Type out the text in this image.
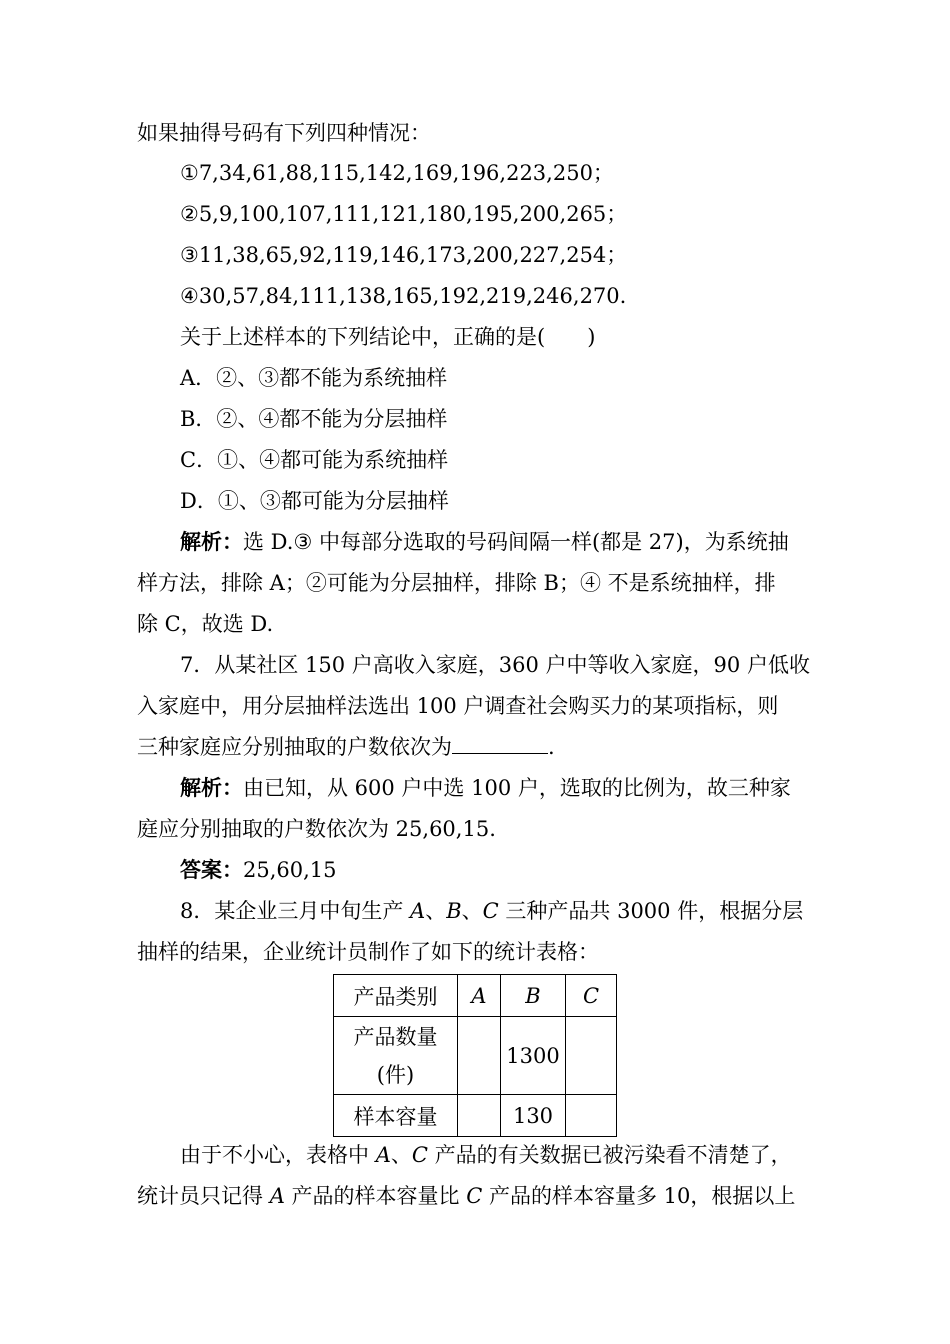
如果抽得号码有下列四种情况：
①7,34,61,88,115,142,169,196,223,250；
②5,9,100,107,111,121,180,195,200,265；
③11,38,65,92,119,146,173,200,227,254；
④30,57,84,111,138,165,192,219,246,270.
关于上述样本的下列结论中，正确的是(　　)
A．②、③都不能为系统抽样
B．②、④都不能为分层抽样
C．①、④都可能为系统抽样
D．①、③都可能为分层抽样
解析：选 D.③ 中每部分选取的号码间隔一样(都是 27)，为系统抽
样方法，排除 A；②可能为分层抽样，排除 B；④ 不是系统抽样，排
除 C，故选 D.
7．从某社区 150 户高收入家庭，360 户中等收入家庭，90 户低收
入家庭中，用分层抽样法选出 100 户调查社会购买力的某项指标，则
三种家庭应分别抽取的户数依次为	.
解析：由已知，从 600 户中选 100 户，选取的比例为，故三种家
庭应分别抽取的户数依次为 25,60,15.
答案：25,60,15
8．某企业三月中旬生产 A、B、C 三种产品共 3000 件，根据分层
抽样的结果，企业统计员制作了如下的统计表格：
产品类别	A	B	C

产品数量
(件)		1300	
样本容量		130	
由于不小心，表格中 A、C 产品的有关数据已被污染看不清楚了，
统计员只记得 A 产品的样本容量比 C 产品的样本容量多 10，根据以上
